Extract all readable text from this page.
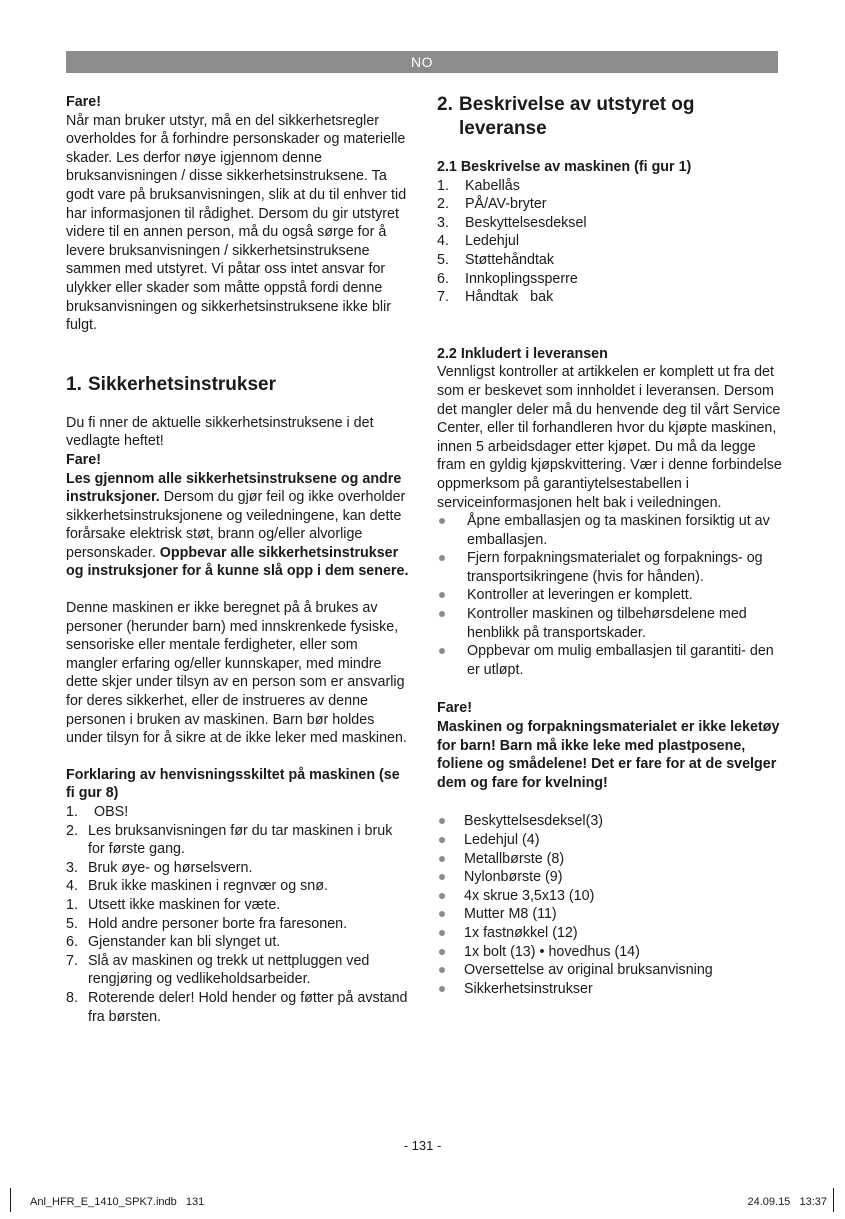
NO

Fare!

Når man bruker utstyr, må en del sikkerhetsregler overholdes for å forhindre personskader og materielle skader. Les derfor nøye igjennom denne bruksanvisningen / disse sikkerhetsinstruksene. Ta godt vare på bruksanvisningen, slik at du til enhver tid har informasjonen til rådighet. Dersom du gir utstyret videre til en annen person, må du også sørge for å levere bruksanvisningen / sikkerhetsinstruksene sammen med utstyret. Vi påtar oss intet ansvar for ulykker eller skader som måtte oppstå fordi denne bruksanvisningen og sikkerhetsinstruksene ikke blir fulgt.

1. Sikkerhetsinstrukser

Du fi nner de aktuelle sikkerhetsinstruksene i det vedlagte heftet!

Fare!

Les gjennom alle sikkerhetsinstruksene og andre instruksjoner. Dersom du gjør feil og ikke overholder sikkerhetsinstruksjonene og veiledningene, kan dette forårsake elektrisk støt, brann og/eller alvorlige personskader. Oppbevar alle sikkerhetsinstrukser og instruksjoner for å kunne slå opp i dem senere.

Denne maskinen er ikke beregnet på å brukes av personer (herunder barn) med innskrenkede fysiske, sensoriske eller mentale ferdigheter, eller som mangler erfaring og/eller kunnskaper, med mindre dette skjer under tilsyn av en person som er ansvarlig for deres sikkerhet, eller de instrueres av denne personen i bruken av maskinen. Barn bør holdes under tilsyn for å sikre at de ikke leker med maskinen.

Forklaring av henvisningsskiltet på maskinen (se fi gur 8)
1. OBS!
2. Les bruksanvisningen før du tar maskinen i bruk for første gang.
3. Bruk øye- og hørselsvern.
4. Bruk ikke maskinen i regnvær og snø.
1. Utsett ikke maskinen for væte.
5. Hold andre personer borte fra faresonen.
6. Gjenstander kan bli slynget ut.
7. Slå av maskinen og trekk ut nettpluggen ved rengjøring og vedlikeholdsarbeider.
8. Roterende deler! Hold hender og føtter på avstand fra børsten.
2. Beskrivelse av utstyret og
leveranse
2.1 Beskrivelse av maskinen (fi gur 1)
1. Kabellås
2. PÅ/AV-bryter
3. Beskyttelsesdeksel
4. Ledehjul
5. Støttehåndtak
6. Innkoplingssperre
7. Håndtak   bak
2.2 Inkludert i leveransen

Vennligst kontroller at artikkelen er komplett ut fra det som er beskevet som innholdet i leveransen. Dersom det mangler deler må du henvende deg til vårt Service Center, eller til forhandleren hvor du kjøpte maskinen, innen 5 arbeidsdager etter kjøpet. Du må da legge fram en gyldig kjøpskvittering. Vær i denne forbindelse oppmerksom på garantiytelsestabellen i serviceinformasjonen helt bak i veiledningen.

Åpne emballasjen og ta maskinen forsiktig ut av emballasjen.
Fjern forpakningsmaterialet og forpaknings- og transportsikringene (hvis for hånden).
Kontroller at leveringen er komplett.
Kontroller maskinen og tilbehørsdelene med henblikk på transportskader.
Oppbevar om mulig emballasjen til garantiti- den er utløpt.

Fare!

Maskinen og forpakningsmaterialet er ikke leketøy for barn! Barn må ikke leke med plastposene, foliene og smådelene! Det er fare for at de svelger dem og fare for kvelning!

Beskyttelsesdeksel(3)
Ledehjul (4)
Metallbørste (8)
Nylonbørste (9)
4x skrue 3,5x13 (10)
Mutter M8 (11)
1x fastnøkkel (12)
1x bolt (13) • hovedhus (14)
Oversettelse av original bruksanvisning
Sikkerhetsinstrukser
- 131 -
Anl_HFR_E_1410_SPK7.indb   131	24.09.15   13:37
